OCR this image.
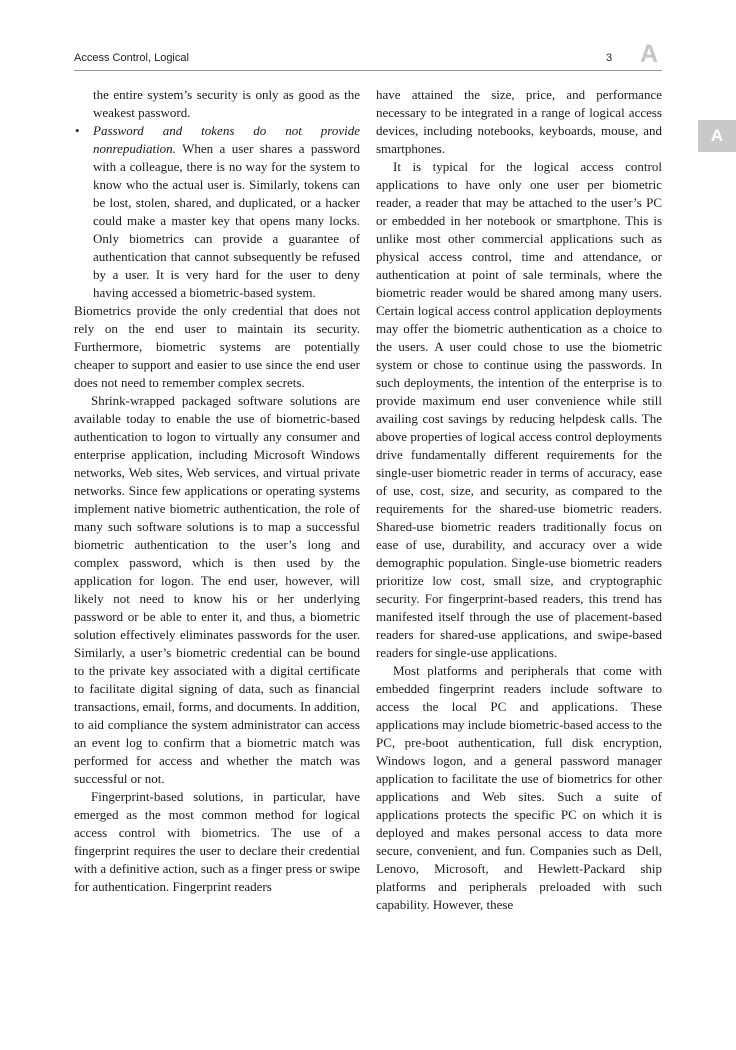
Access Control, Logical	3 A
A

the entire system’s security is only as good as the weakest password.

• Password and tokens do not provide nonrepudiation. When a user shares a password with a colleague, there is no way for the system to know who the actual user is. Similarly, tokens can be lost, stolen, shared, and duplicated, or a hacker could make a master key that opens many locks. Only biometrics can provide a guarantee of authentication that cannot subsequently be refused by a user. It is very hard for the user to deny having accessed a biometric-based system.

Biometrics provide the only credential that does not rely on the end user to maintain its security. Furthermore, biometric systems are potentially cheaper to support and easier to use since the end user does not need to remember complex secrets.

Shrink-wrapped packaged software solutions are available today to enable the use of biometric-based authentication to logon to virtually any consumer and enterprise application, including Microsoft Windows networks, Web sites, Web services, and virtual private networks. Since few applications or operating systems implement native biometric authentication, the role of many such software solutions is to map a successful biometric authentication to the user’s long and complex password, which is then used by the application for logon. The end user, however, will likely not need to know his or her underlying password or be able to enter it, and thus, a biometric solution effectively eliminates passwords for the user. Similarly, a user’s biometric credential can be bound to the private key associated with a digital certificate to facilitate digital signing of data, such as financial transactions, email, forms, and documents. In addition, to aid compliance the system administrator can access an event log to confirm that a biometric match was performed for access and whether the match was successful or not.

Fingerprint-based solutions, in particular, have emerged as the most common method for logical access control with biometrics. The use of a fingerprint requires the user to declare their credential with a definitive action, such as a finger press or swipe for authentication. Fingerprint readers

have attained the size, price, and performance necessary to be integrated in a range of logical access devices, including notebooks, keyboards, mouse, and smartphones.

It is typical for the logical access control applications to have only one user per biometric reader, a reader that may be attached to the user’s PC or embedded in her notebook or smartphone. This is unlike most other commercial applications such as physical access control, time and attendance, or authentication at point of sale terminals, where the biometric reader would be shared among many users. Certain logical access control application deployments may offer the biometric authentication as a choice to the users. A user could chose to use the biometric system or chose to continue using the passwords. In such deployments, the intention of the enterprise is to provide maximum end user convenience while still availing cost savings by reducing helpdesk calls. The above properties of logical access control deployments drive fundamentally different requirements for the single-user biometric reader in terms of accuracy, ease of use, cost, size, and security, as compared to the requirements for the shared-use biometric readers. Shared-use biometric readers traditionally focus on ease of use, durability, and accuracy over a wide demographic population. Single-use biometric readers prioritize low cost, small size, and cryptographic security. For fingerprint-based readers, this trend has manifested itself through the use of placement-based readers for shared-use applications, and swipe-based readers for single-use applications.

Most platforms and peripherals that come with embedded fingerprint readers include software to access the local PC and applications. These applications may include biometric-based access to the PC, pre-boot authentication, full disk encryption, Windows logon, and a general password manager application to facilitate the use of biometrics for other applications and Web sites. Such a suite of applications protects the specific PC on which it is deployed and makes personal access to data more secure, convenient, and fun. Companies such as Dell, Lenovo, Microsoft, and Hewlett-Packard ship platforms and peripherals preloaded with such capability. However, these
